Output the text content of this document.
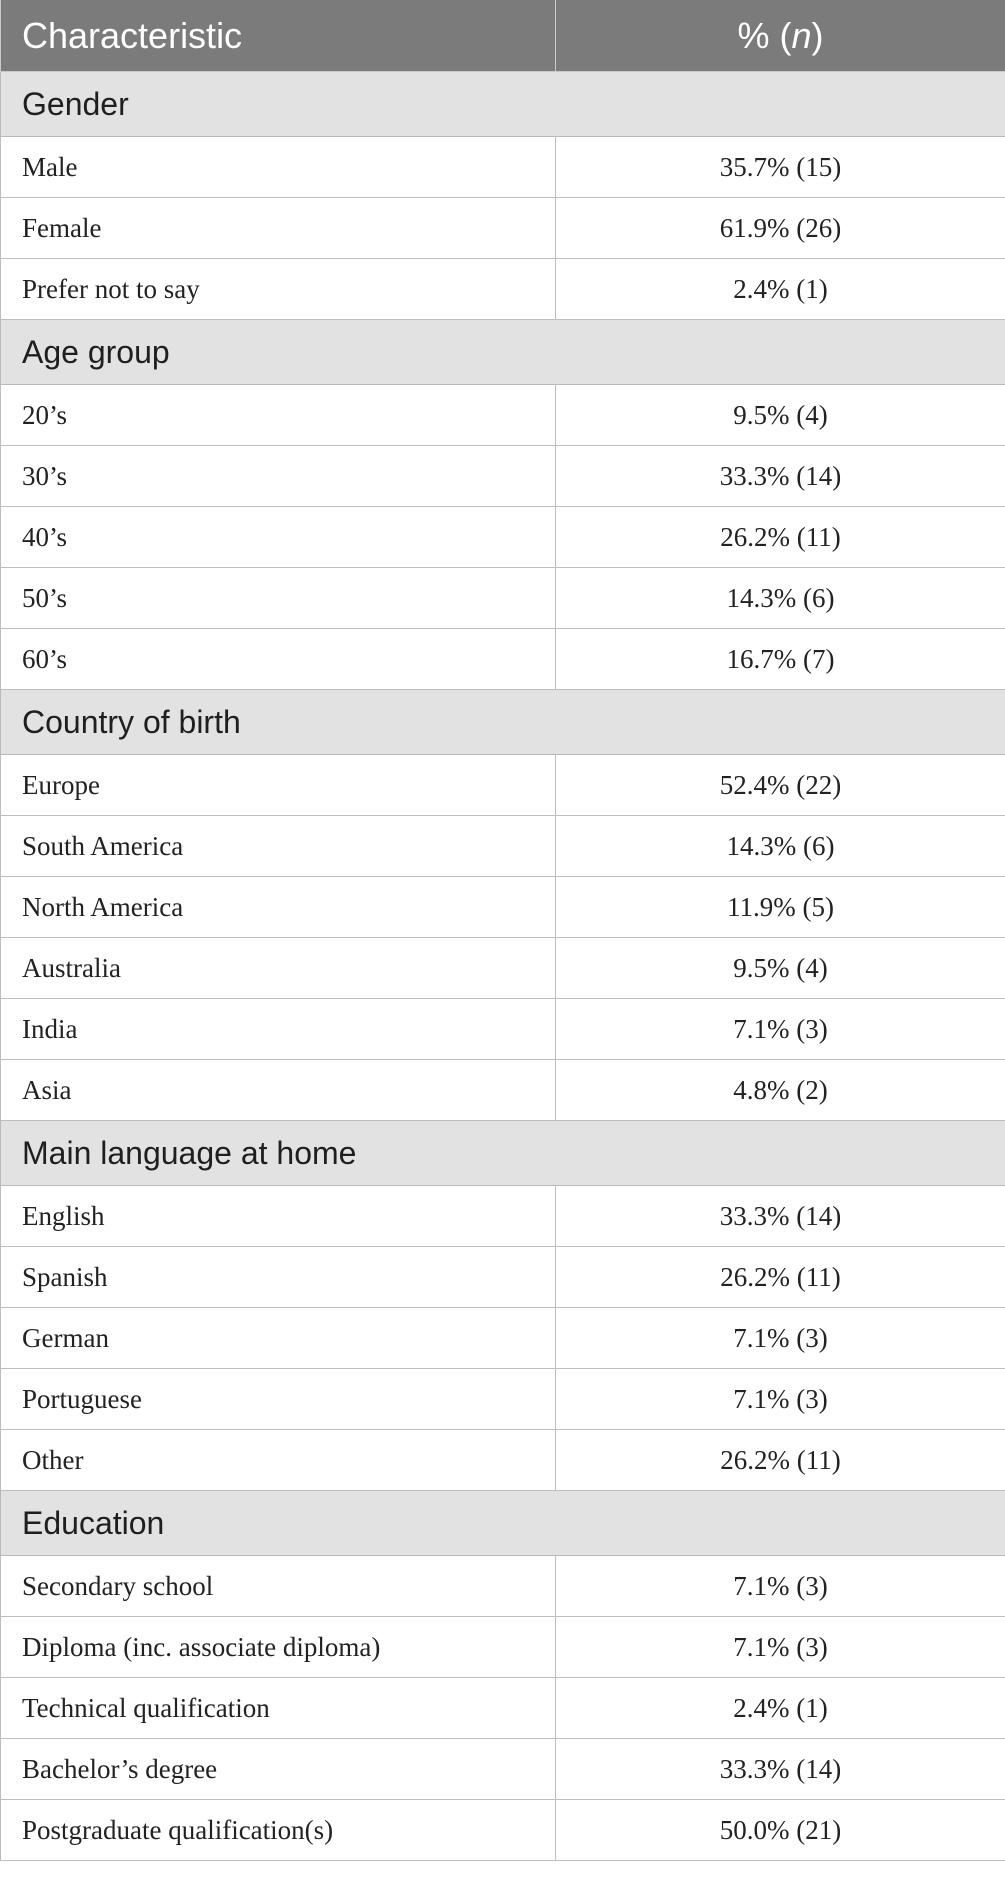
Characteristic	% (n)
Gender	
Male	35.7% (15)
Female	61.9% (26)
Prefer not to say	2.4% (1)
Age group	
20’s	9.5% (4)
30’s	33.3% (14)
40’s	26.2% (11)
50’s	14.3% (6)
60’s	16.7% (7)
Country of birth	
Europe	52.4% (22)
South America	14.3% (6)
North America	11.9% (5)
Australia	9.5% (4)
India	7.1% (3)
Asia	4.8% (2)
Main language at home	
English	33.3% (14)
Spanish	26.2% (11)
German	7.1% (3)
Portuguese	7.1% (3)
Other	26.2% (11)
Education	
Secondary school	7.1% (3)
Diploma (inc. associate diploma)	7.1% (3)
Technical qualification	2.4% (1)
Bachelor’s degree	33.3% (14)
Postgraduate qualification(s)	50.0% (21)
